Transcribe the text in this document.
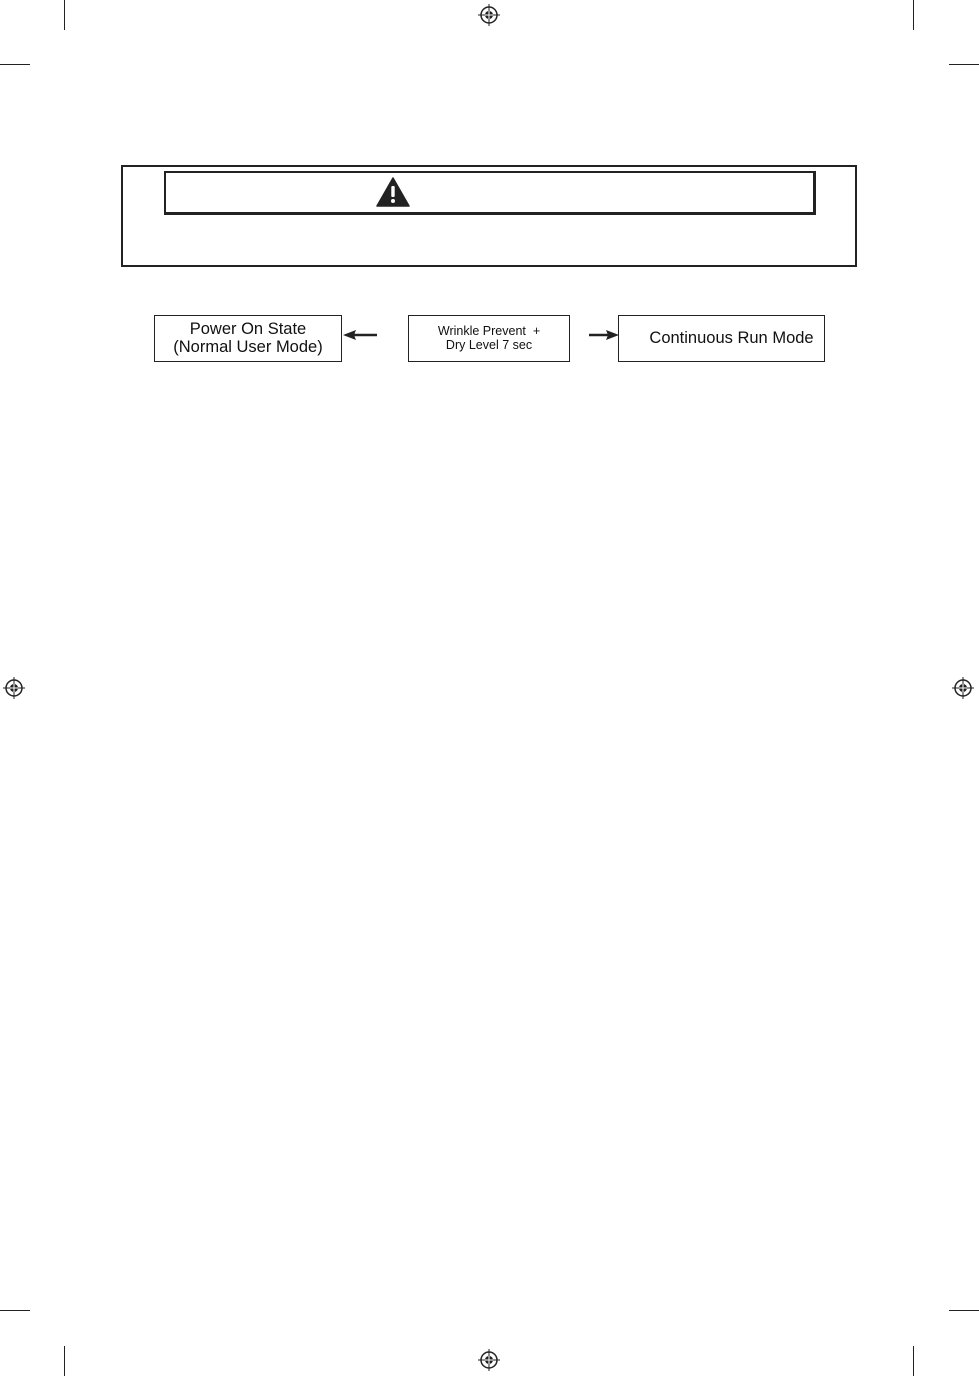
Power On State
(Normal User Mode)
Wrinkle Prevent  +
Dry Level 7 sec	Continuous Run Mode
